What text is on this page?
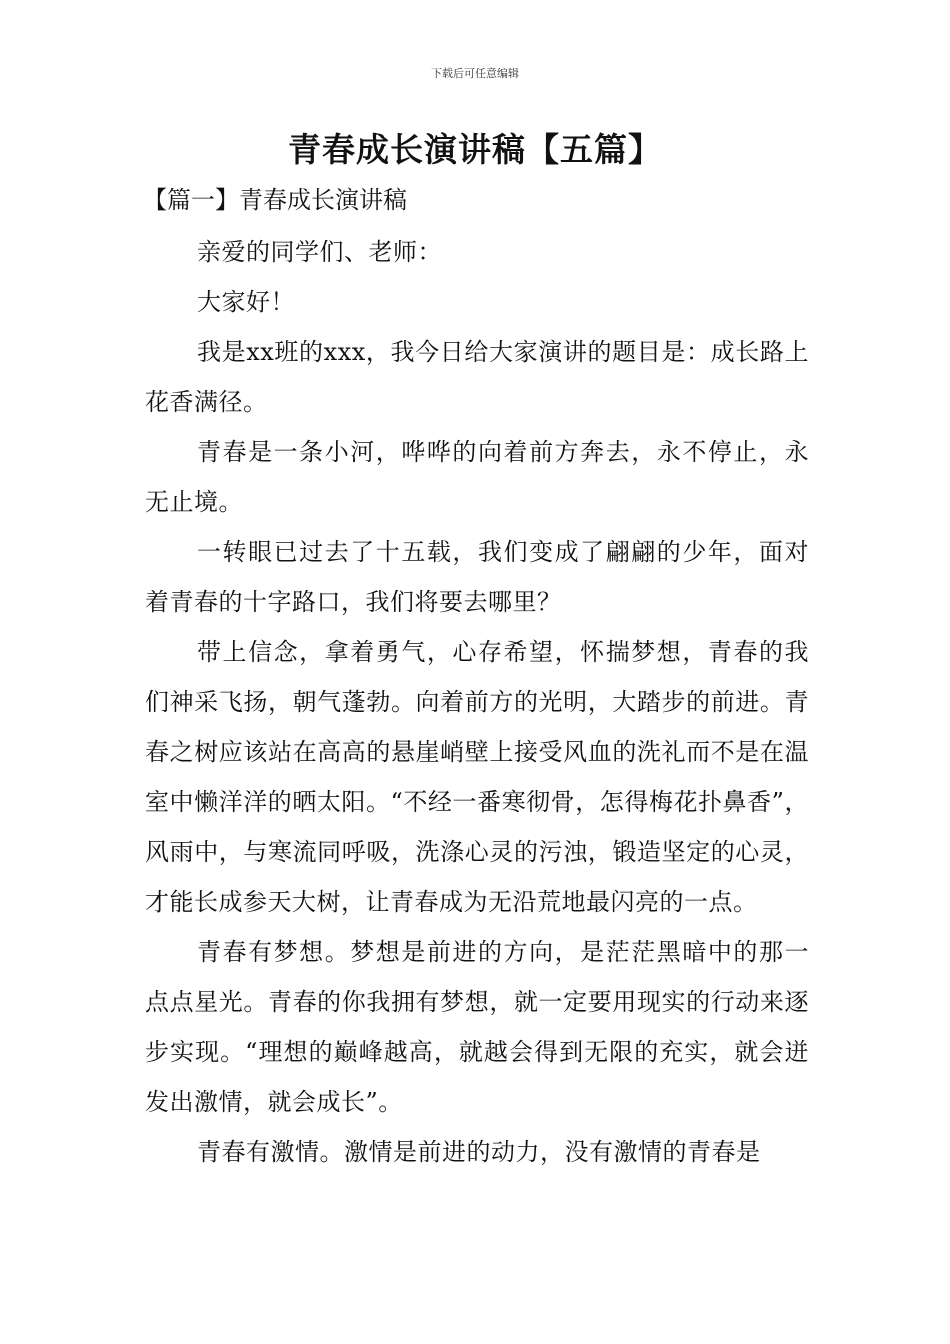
下载后可任意编辑
青春成长演讲稿【五篇】
【篇一】青春成长演讲稿

亲爱的同学们、老师：

大家好！

我是xx班的xxx，我今日给大家演讲的题目是：成长路上花香满径。

青春是一条小河，哗哗的向着前方奔去，永不停止，永无止境。

一转眼已过去了十五载，我们变成了翩翩的少年，面对着青春的十字路口，我们将要去哪里？

带上信念，拿着勇气，心存希望，怀揣梦想，青春的我们神采飞扬，朝气蓬勃。向着前方的光明，大踏步的前进。青春之树应该站在高高的悬崖峭壁上接受风血的洗礼而不是在温室中懒洋洋的晒太阳。“不经一番寒彻骨，怎得梅花扑鼻香”，风雨中，与寒流同呼吸，洗涤心灵的污浊，锻造坚定的心灵，才能长成参天大树，让青春成为无沿荒地最闪亮的一点。

青春有梦想。梦想是前进的方向，是茫茫黑暗中的那一点点星光。青春的你我拥有梦想，就一定要用现实的行动来逐步实现。“理想的巅峰越高，就越会得到无限的充实，就会迸发出激情，就会成长”。

青春有激情。激情是前进的动力，没有激情的青春是
